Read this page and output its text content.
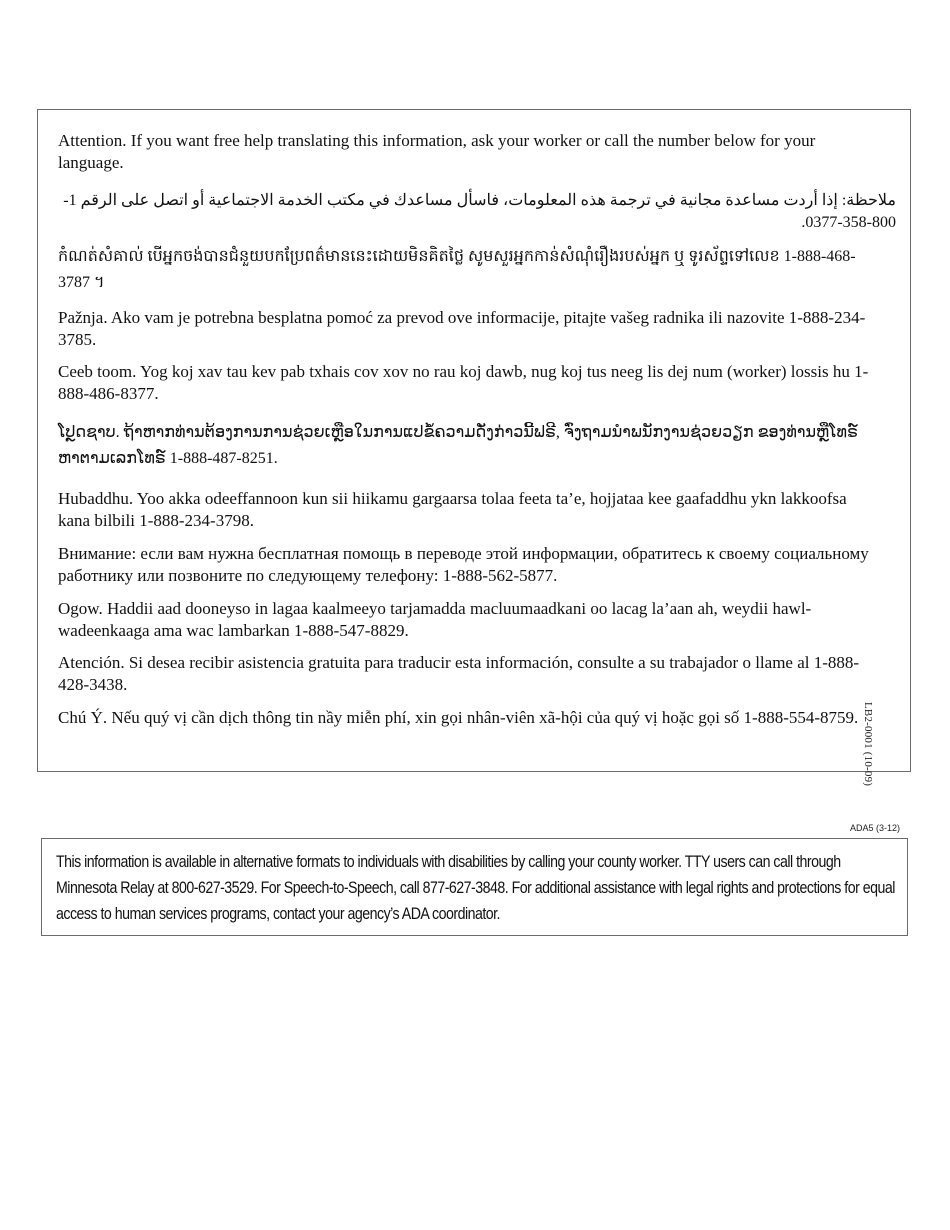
Attention. If you want free help translating this information, ask your worker or call the number below for your language.

ملاحظة: إذا أردت مساعدة مجانية في ترجمة هذه المعلومات، فاسأل مساعدك في مكتب الخدمة الاجتماعية أو اتصل على الرقم 1-800-358-0377.

កំណត់សំគាល់ បើអ្នកចង់បានជំនួយបកប្រែពត៌មាននេះដោយមិនគិតថ្លៃ សូមសួរអ្នកកាន់សំណុំរឿងរបស់អ្នក ឬ ទូរស័ព្ទទៅលេខ 1-888-468-3787 ។

Pažnja. Ako vam je potrebna besplatna pomoć za prevod ove informacije, pitajte vašeg radnika ili nazovite 1-888-234-3785.

Ceeb toom. Yog koj xav tau kev pab txhais cov xov no rau koj dawb, nug koj tus neeg lis dej num (worker) lossis hu 1-888-486-8377.

ໂປຼດຊາບ. ຖ້າຫາກທ່ານຕ້ອງການການຊ່ວຍເຫຼືອໃນການແປຂໍ້ຄວາມດັ່ງກ່າວນີ້ຟຣີ, ຈົ່ງຖາມນຳພນັກງານຊ່ວຍວຽກ ຂອງທ່ານຫຼືໂທຣ໌ຫາຕາມເລກໂທຣ໌ 1-888-487-8251.

Hubaddhu. Yoo akka odeeffannoon kun sii hiikamu gargaarsa tolaa feeta ta’e, hojjataa kee gaafaddhu ykn lakkoofsa kana bilbili 1-888-234-3798.

Внимание: если вам нужна бесплатная помощь в переводе этой информации, обратитесь к своему социальному работнику или позвоните по следующему телефону: 1-888-562-5877.

Ogow. Haddii aad dooneyso in lagaa kaalmeeyo tarjamadda macluumaadkani oo lacag la’aan ah, weydii hawl-wadeenkaaga ama wac lambarkan 1-888-547-8829.

Atención. Si desea recibir asistencia gratuita para traducir esta información, consulte a su trabajador o llame al 1-888-428-3438.

Chú Ý. Nếu quý vị cần dịch thông tin nầy miễn phí, xin gọi nhân-viên xã-hội của quý vị hoặc gọi số 1-888-554-8759. LB2-0001 (10-09)
ADA5 (3-12)

This information is available in alternative formats to individuals with disabilities by calling your county worker. TTY users can call through Minnesota Relay at 800-627-3529. For Speech-to-Speech, call 877-627-3848. For additional assistance with legal rights and protections for equal access to human services programs, contact your agency’s ADA coordinator.
